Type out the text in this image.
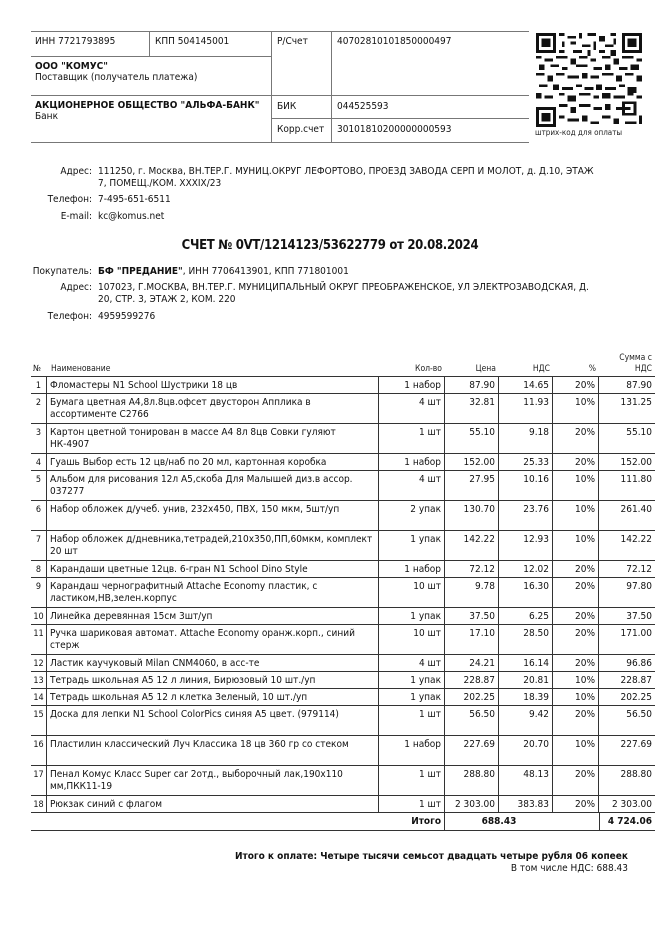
ИНН 7721793895	КПП 504145001
ООО "КОМУС"
Поставщик (получатель платежа)
АКЦИОНЕРНОЕ ОБЩЕСТВО "АЛЬФА-БАНК"
Банк
Р/Счет	40702810101850000497
БИК	044525593
Корр.счет	30101810200000000593	штрих-код для оплаты
Адрес: 111250, г. Москва, ВН.ТЕР.Г. МУНИЦ.ОКРУГ ЛЕФОРТОВО, ПРОЕЗД ЗАВОДА СЕРП И МОЛОТ, д. Д.10, ЭТАЖ
7, ПОМЕЩ./КОМ. XXXIX/23
Телефон: 7-495-651-6511
E-mail: kc@komus.net
СЧЕТ № 0VT/1214123/53622779 от 20.08.2024
Покупатель: БФ "ПРЕДАНИЕ", ИНН 7706413901, КПП 771801001
Адрес: 107023, Г.МОСКВА, ВН.ТЕР.Г. МУНИЦИПАЛЬНЫЙ ОКРУГ ПРЕОБРАЖЕНСКОЕ, УЛ ЭЛЕКТРОЗАВОДСКАЯ, Д.
20, СТР. 3, ЭТАЖ 2, КОМ. 220
Телефон: 4959599276
№ Наименование	Кол-во	Цена	НДС	%
Сумма с
НДС
1 Фломастеры N1 School Шустрики 18 цв	1 набор	87.90	14.65	20%	87.90
2 Бумага цветная А4,8л.8цв.офсет двусторон Апплика в ассортименте С2766
4 шт	32.81	11.93	10%	131.25
3 Картон цветной тонирован в массе А4 8л 8цв Совки гуляют НК-4907
1 шт	55.10	9.18	20%	55.10
4 Гуашь Выбор есть 12 цв/наб по 20 мл, картонная коробка	1 набор	152.00	25.33	20%	152.00
5 Альбом для рисования 12л А5,скоба Для Малышей диз.в ассор. 037277
4 шт	27.95	10.16	10%	111.80
6 Набор обложек д/учеб. унив, 232х450, ПВХ, 150 мкм, 5шт/уп	2 упак	130.70	23.76	10%	261.40
7 Набор обложек д/дневника,тетрадей,210х350,ПП,60мкм, комплект 20 шт
1 упак	142.22	12.93	10%	142.22
8 Карандаши цветные 12цв. 6-гран N1 School Dino Style	1 набор	72.12	12.02	20%	72.12
9 Карандаш чернографитный Attache Economy пластик, с ластиком,HB,зелен.корпус
10 шт	9.78	16.30	20%	97.80
10 Линейка деревянная 15см 3шт/уп	1 упак	37.50	6.25	20%	37.50
11 Ручка шариковая автомат. Attache Economy оранж.корп., синий стерж
10 шт	17.10	28.50	20%	171.00
12 Ластик каучуковый Milan CNM4060, в асс-те	4 шт	24.21	16.14	20%	96.86
13 Тетрадь школьная А5 12 л линия, Бирюзовый 10 шт./уп	1 упак	228.87	20.81	10%	228.87
14 Тетрадь школьная А5 12 л клетка Зеленый, 10 шт./уп	1 упак	202.25	18.39	10%	202.25
15 Доска для лепки N1 School ColorPics синяя А5 цвет. (979114)	1 шт	56.50	9.42	20%	56.50
16 Пластилин классический Луч Классика 18 цв 360 гр со стеком	1 набор	227.69	20.70	10%	227.69
17 Пенал Комус Класс Super car 2отд., выборочный лак,190х110 мм,ПКК11-19
1 шт	288.80	48.13	20%	288.80
18 Рюкзак синий с флагом	1 шт	2 303.00	383.83	20%	2 303.00
Итого	688.43	4 724.06
Итого к оплате: Четыре тысячи семьсот двадцать четыре рубля 06 копеек
В том числе НДС: 688.43
